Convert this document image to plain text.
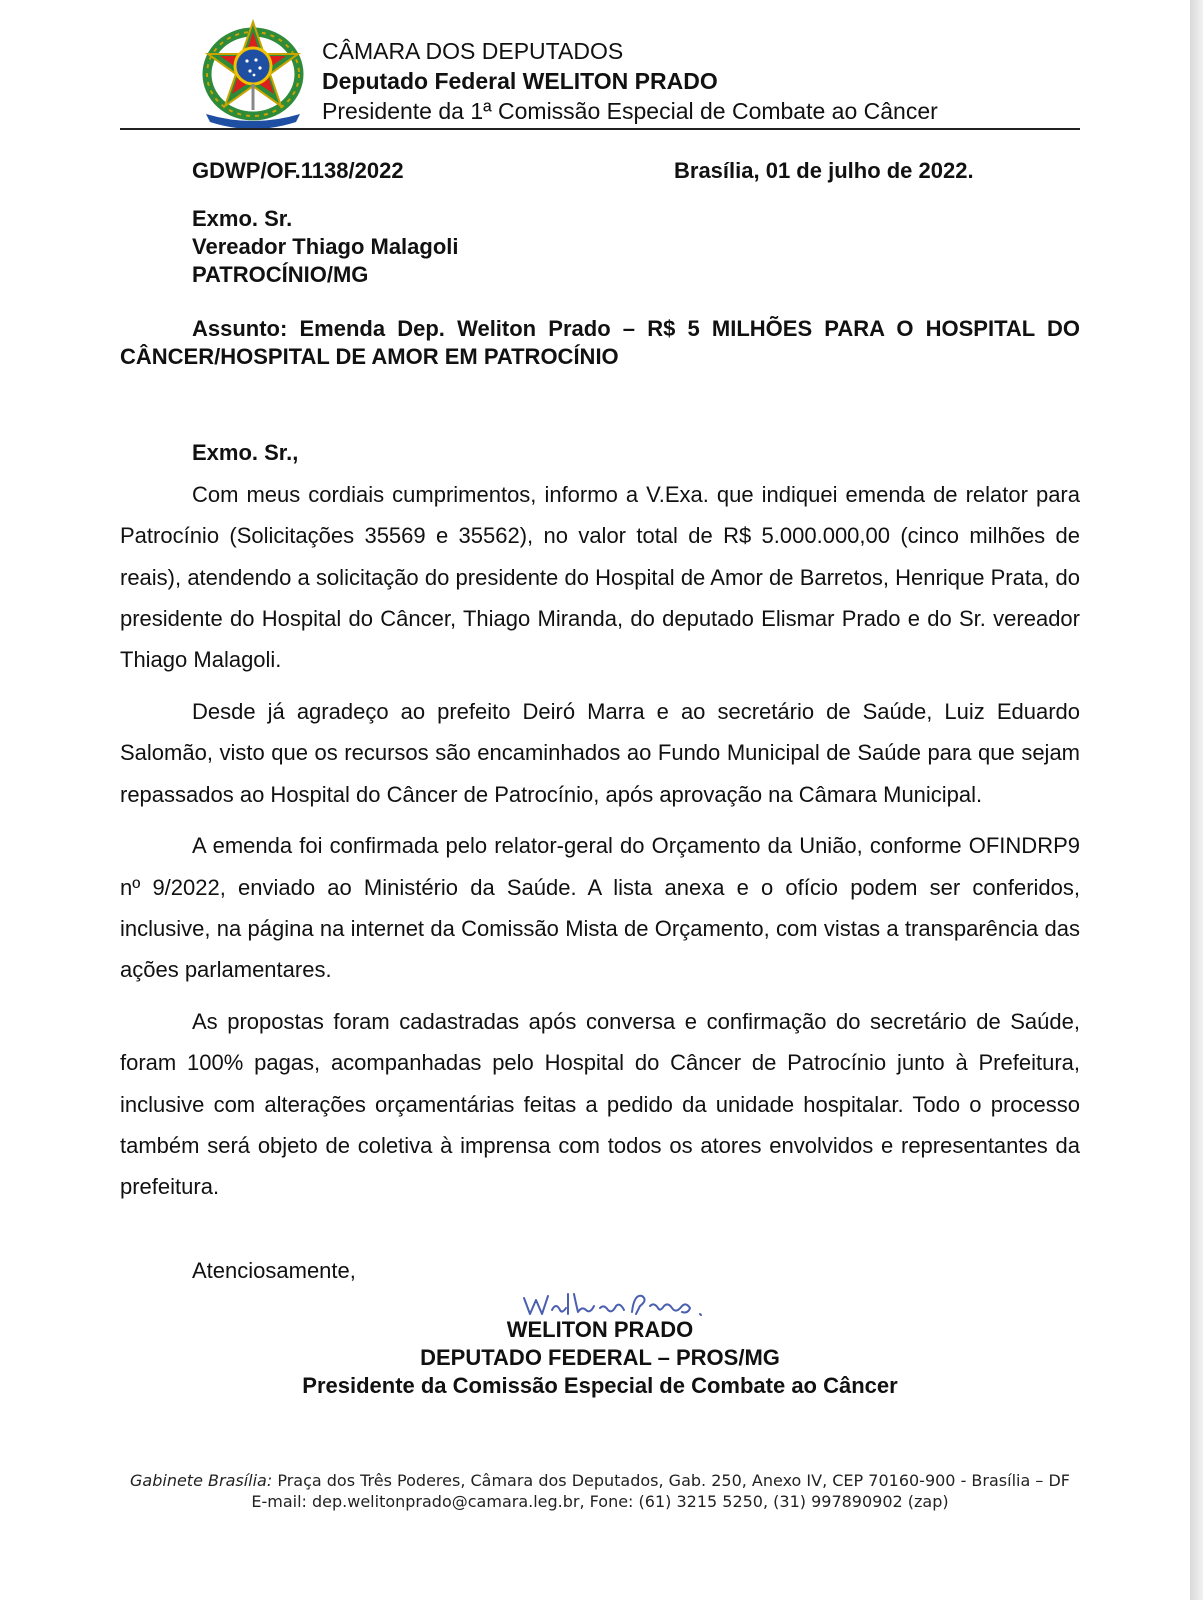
CÂMARA DOS DEPUTADOS
Deputado Federal WELITON PRADO
Presidente da 1ª Comissão Especial de Combate ao Câncer
GDWP/OF.1138/2022	Brasília, 01 de julho de 2022.
Exmo. Sr.
Vereador Thiago Malagoli
PATROCÍNIO/MG
Assunto: Emenda Dep. Weliton Prado – R$ 5 MILHÕES PARA O HOSPITAL DO CÂNCER/HOSPITAL DE AMOR EM PATROCÍNIO
Exmo. Sr.,

Com meus cordiais cumprimentos, informo a V.Exa. que indiquei emenda de relator para Patrocínio (Solicitações 35569 e 35562), no valor total de R$ 5.000.000,00 (cinco milhões de reais), atendendo a solicitação do presidente do Hospital de Amor de Barretos, Henrique Prata, do presidente do Hospital do Câncer, Thiago Miranda, do deputado Elismar Prado e do Sr. vereador Thiago Malagoli.

Desde já agradeço ao prefeito Deiró Marra e ao secretário de Saúde, Luiz Eduardo Salomão, visto que os recursos são encaminhados ao Fundo Municipal de Saúde para que sejam repassados ao Hospital do Câncer de Patrocínio, após aprovação na Câmara Municipal.

A emenda foi confirmada pelo relator-geral do Orçamento da União, conforme OFINDRP9 nº 9/2022, enviado ao Ministério da Saúde. A lista anexa e o ofício podem ser conferidos, inclusive, na página na internet da Comissão Mista de Orçamento, com vistas a transparência das ações parlamentares.

As propostas foram cadastradas após conversa e confirmação do secretário de Saúde, foram 100% pagas, acompanhadas pelo Hospital do Câncer de Patrocínio junto à Prefeitura, inclusive com alterações orçamentárias feitas a pedido da unidade hospitalar. Todo o processo também será objeto de coletiva à imprensa com todos os atores envolvidos e representantes da prefeitura.

Atenciosamente,
WELITON PRADO
DEPUTADO FEDERAL – PROS/MG
Presidente da Comissão Especial de Combate ao Câncer
Gabinete Brasília: Praça dos Três Poderes, Câmara dos Deputados, Gab. 250, Anexo IV, CEP 70160-900 - Brasília – DF
E-mail: dep.welitonprado@camara.leg.br, Fone: (61) 3215 5250, (31) 997890902 (zap)
